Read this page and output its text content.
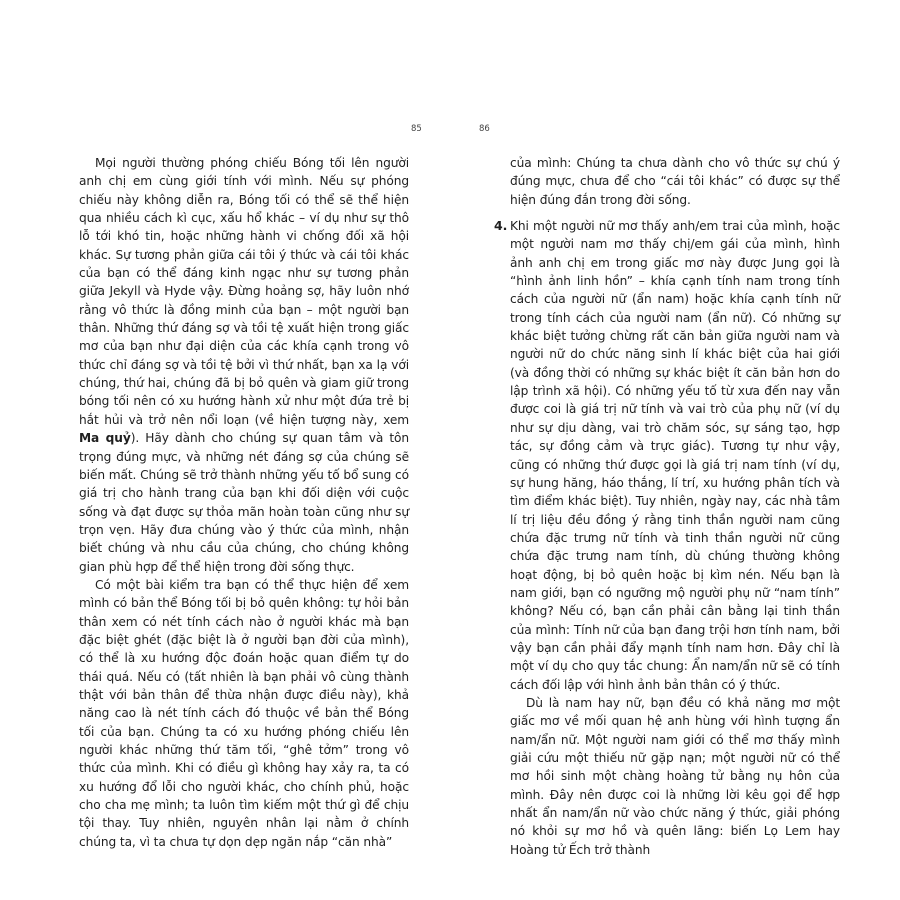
85	86

Mọi người thường phóng chiếu Bóng tối lên người anh chị em cùng giới tính với mình. Nếu sự phóng chiếu này không diễn ra, Bóng tối có thể sẽ thể hiện qua nhiều cách kì cục, xấu hổ khác – ví dụ như sự thô lỗ tới khó tin, hoặc những hành vi chống đối xã hội khác. Sự tương phản giữa cái tôi ý thức và cái tôi khác của bạn có thể đáng kinh ngạc như sự tương phản giữa Jekyll và Hyde vậy. Đừng hoảng sợ, hãy luôn nhớ rằng vô thức là đồng minh của bạn – một người bạn thân. Những thứ đáng sợ và tồi tệ xuất hiện trong giấc mơ của bạn như đại diện của các khía cạnh trong vô thức chỉ đáng sợ và tồi tệ bởi vì thứ nhất, bạn xa lạ với chúng, thứ hai, chúng đã bị bỏ quên và giam giữ trong bóng tối nên có xu hướng hành xử như một đứa trẻ bị hắt hủi và trở nên nổi loạn (về hiện tượng này, xem Ma quỷ). Hãy dành cho chúng sự quan tâm và tôn trọng đúng mực, và những nét đáng sợ của chúng sẽ biến mất. Chúng sẽ trở thành những yếu tố bổ sung có giá trị cho hành trang của bạn khi đối diện với cuộc sống và đạt được sự thỏa mãn hoàn toàn cũng như sự trọn vẹn. Hãy đưa chúng vào ý thức của mình, nhận biết chúng và nhu cầu của chúng, cho chúng không gian phù hợp để thể hiện trong đời sống thực.

Có một bài kiểm tra bạn có thể thực hiện để xem mình có bản thể Bóng tối bị bỏ quên không: tự hỏi bản thân xem có nét tính cách nào ở người khác mà bạn đặc biệt ghét (đặc biệt là ở người bạn đời của mình), có thể là xu hướng độc đoán hoặc quan điểm tự do thái quá. Nếu có (tất nhiên là bạn phải vô cùng thành thật với bản thân để thừa nhận được điều này), khả năng cao là nét tính cách đó thuộc về bản thể Bóng tối của bạn. Chúng ta có xu hướng phóng chiếu lên người khác những thứ tăm tối, “ghê tởm” trong vô thức của mình. Khi có điều gì không hay xảy ra, ta có xu hướng đổ lỗi cho người khác, cho chính phủ, hoặc cho cha mẹ mình; ta luôn tìm kiếm một thứ gì để chịu tội thay. Tuy nhiên, nguyên nhân lại nằm ở chính chúng ta, vì ta chưa tự dọn dẹp ngăn nắp “căn nhà”

của mình: Chúng ta chưa dành cho vô thức sự chú ý đúng mực, chưa để cho “cái tôi khác” có được sự thể hiện đúng đắn trong đời sống.

4. Khi một người nữ mơ thấy anh/em trai của mình, hoặc một người nam mơ thấy chị/em gái của mình, hình ảnh anh chị em trong giấc mơ này được Jung gọi là “hình ảnh linh hồn” – khía cạnh tính nam trong tính cách của người nữ (ẩn nam) hoặc khía cạnh tính nữ trong tính cách của người nam (ẩn nữ). Có những sự khác biệt tưởng chừng rất căn bản giữa người nam và người nữ do chức năng sinh lí khác biệt của hai giới (và đồng thời có những sự khác biệt ít căn bản hơn do lập trình xã hội). Có những yếu tố từ xưa đến nay vẫn được coi là giá trị nữ tính và vai trò của phụ nữ (ví dụ như sự dịu dàng, vai trò chăm sóc, sự sáng tạo, hợp tác, sự đồng cảm và trực giác). Tương tự như vậy, cũng có những thứ được gọi là giá trị nam tính (ví dụ, sự hung hăng, háo thắng, lí trí, xu hướng phân tích và tìm điểm khác biệt). Tuy nhiên, ngày nay, các nhà tâm lí trị liệu đều đồng ý rằng tinh thần người nam cũng chứa đặc trưng nữ tính và tinh thần người nữ cũng chứa đặc trưng nam tính, dù chúng thường không hoạt động, bị bỏ quên hoặc bị kìm nén. Nếu bạn là nam giới, bạn có ngưỡng mộ người phụ nữ “nam tính” không? Nếu có, bạn cần phải cân bằng lại tinh thần của mình: Tính nữ của bạn đang trội hơn tính nam, bởi vậy bạn cần phải đẩy mạnh tính nam hơn. Đây chỉ là một ví dụ cho quy tắc chung: Ẩn nam/ẩn nữ sẽ có tính cách đối lập với hình ảnh bản thân có ý thức.

Dù là nam hay nữ, bạn đều có khả năng mơ một giấc mơ về mối quan hệ anh hùng với hình tượng ẩn nam/ẩn nữ. Một người nam giới có thể mơ thấy mình giải cứu một thiếu nữ gặp nạn; một người nữ có thể mơ hồi sinh một chàng hoàng tử bằng nụ hôn của mình. Đây nên được coi là những lời kêu gọi để hợp nhất ẩn nam/ẩn nữ vào chức năng ý thức, giải phóng nó khỏi sự mơ hồ và quên lãng: biến Lọ Lem hay Hoàng tử Ếch trở thành
